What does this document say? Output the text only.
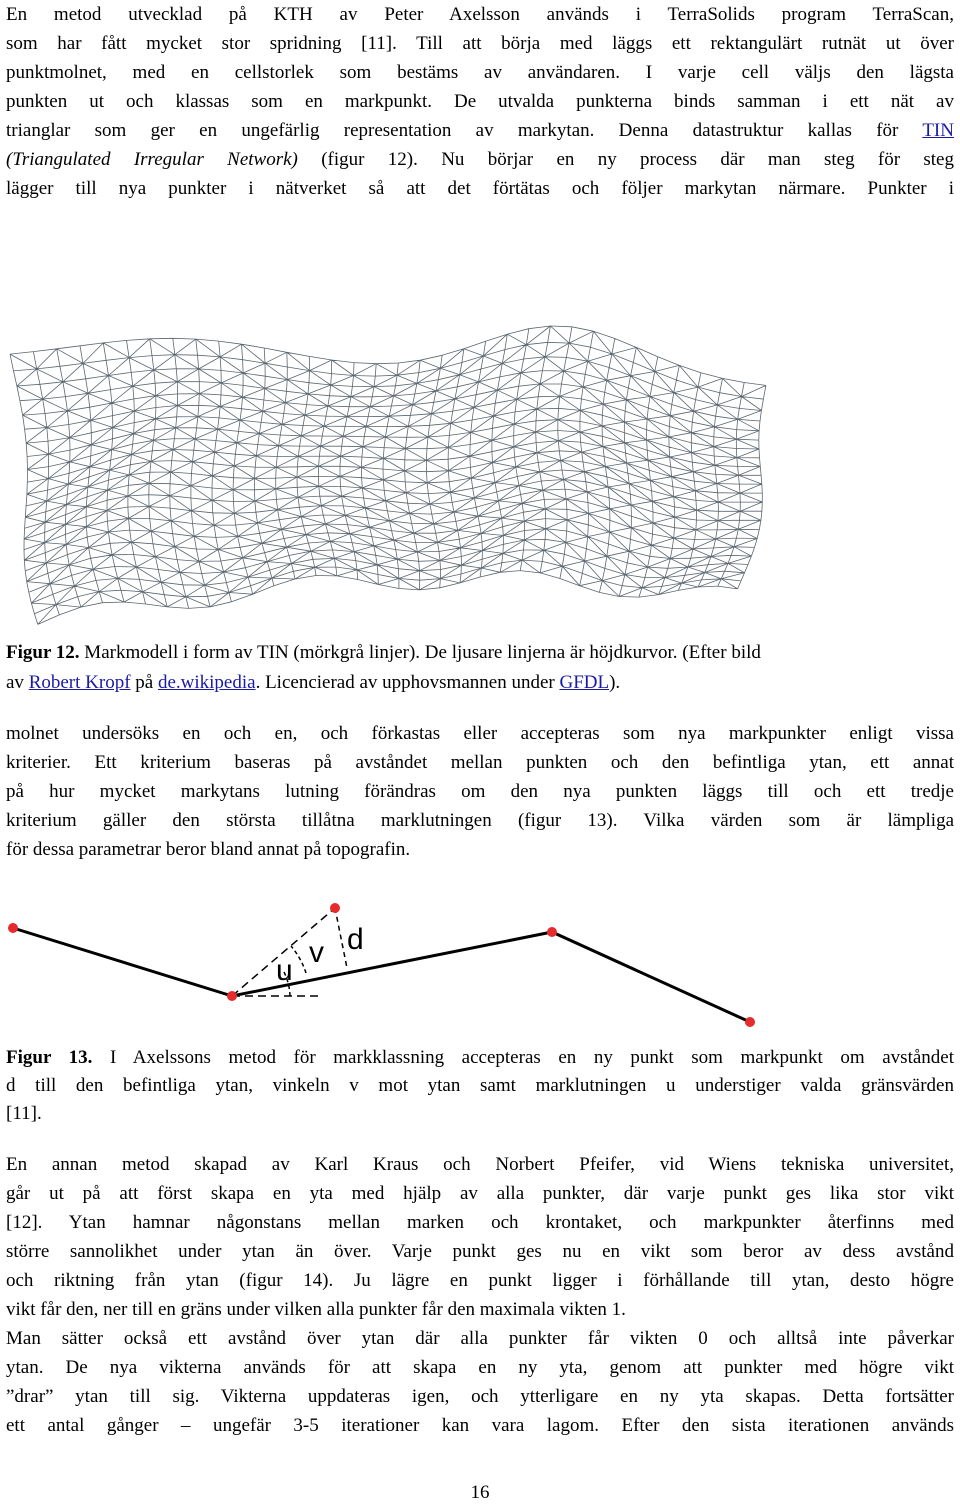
En metod utvecklad på KTH av Peter Axelsson används i TerraSolids program TerraScan,
som har fått mycket stor spridning [11]. Till att börja med läggs ett rektangulärt rutnät ut över
punktmolnet, med en cellstorlek som bestäms av användaren. I varje cell väljs den lägsta
punkten ut och klassas som en markpunkt. De utvalda punkterna binds samman i ett nät av
trianglar som ger en ungefärlig representation av markytan. Denna datastruktur kallas för TIN
(Triangulated Irregular Network) (figur 12). Nu börjar en ny process där man steg för steg
lägger till nya punkter i nätverket så att det förtätas och följer markytan närmare. Punkter i
Figur 12. Markmodell i form av TIN (mörkgrå linjer). De ljusare linjerna är höjdkurvor. (Efter bild
av Robert Kropf på de.wikipedia. Licencierad av upphovsmannen under GFDL).
molnet undersöks en och en, och förkastas eller accepteras som nya markpunkter enligt vissa
kriterier. Ett kriterium baseras på avståndet mellan punkten och den befintliga ytan, ett annat
på hur mycket markytans lutning förändras om den nya punkten läggs till och ett tredje
kriterium gäller den största tillåtna marklutningen (figur 13). Vilka värden som är lämpliga
för dessa parametrar beror bland annat på topografin.
u
v d
Figur 13. I Axelssons metod för markklassning accepteras en ny punkt som markpunkt om avståndet
d till den befintliga ytan, vinkeln v mot ytan samt marklutningen u understiger valda gränsvärden
[11].
En annan metod skapad av Karl Kraus och Norbert Pfeifer, vid Wiens tekniska universitet,
går ut på att först skapa en yta med hjälp av alla punkter, där varje punkt ges lika stor vikt
[12]. Ytan hamnar någonstans mellan marken och krontaket, och markpunkter återfinns med
större sannolikhet under ytan än över. Varje punkt ges nu en vikt som beror av dess avstånd
och riktning från ytan (figur 14). Ju lägre en punkt ligger i förhållande till ytan, desto högre
vikt får den, ner till en gräns under vilken alla punkter får den maximala vikten 1.
Man sätter också ett avstånd över ytan där alla punkter får vikten 0 och alltså inte påverkar
ytan. De nya vikterna används för att skapa en ny yta, genom att punkter med högre vikt
”drar” ytan till sig. Vikterna uppdateras igen, och ytterligare en ny yta skapas. Detta fortsätter
ett antal gånger – ungefär 3-5 iterationer kan vara lagom. Efter den sista iterationen används
16
